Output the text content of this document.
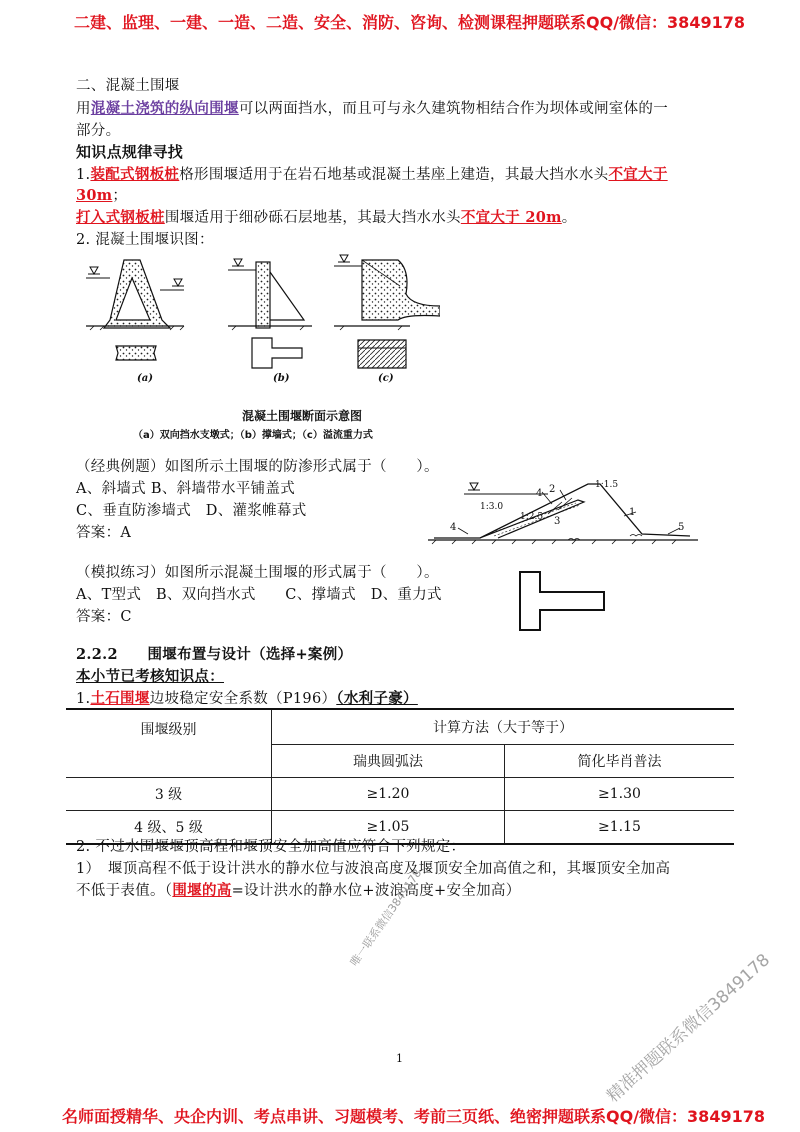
二建、监理、一建、一造、二造、安全、消防、咨询、检测课程押题联系QQ/微信：3849178
名师面授精华、央企内训、考点串讲、习题模考、考前三页纸、绝密押题联系QQ/微信：3849178
二、混凝土围堰
用混凝土浇筑的纵向围堰可以两面挡水，而且可与永久建筑物相结合作为坝体或闸室体的一
部分。
知识点规律寻找
1.装配式钢板桩格形围堰适用于在岩石地基或混凝土基座上建造，其最大挡水水头不宜大于
30m；
打入式钢板桩围堰适用于细砂砾石层地基，其最大挡水水头不宜大于 20m。
2. 混凝土围堰识图：
(a)	(b)	(c)
混凝土围堰断面示意图
（a）双向挡水支墩式；（b）撑墙式；（c）溢流重力式
（经典例题）如图所示土围堰的防渗形式属于（　　）。
A、斜墙式 B、斜墙带水平铺盖式
C、垂直防渗墙式　D、灌浆帷幕式
答案：A
1:3.0
1:2.5
1:1.5
1
2
3
4
4	5
（模拟练习）如图所示混凝土围堰的形式属于（　　）。
A、T型式　B、双向挡水式　　C、撑墙式　D、重力式
答案：C
2.2.2　　围堰布置与设计（选择+案例）
本小节已考核知识点：
1.土石围堰边坡稳定安全系数（P196）（水利子豪）
围堰级别	计算方法（大于等于）	
	瑞典圆弧法	简化毕肖普法
3 级	≥1.20	≥1.30
4 级、5 级	≥1.05	≥1.15
2. 不过水围堰堰顶高程和堰顶安全加高值应符合下列规定：
1）　堰顶高程不低于设计洪水的静水位与波浪高度及堰顶安全加高值之和，其堰顶安全加高
不低于表值。（围堰的高=设计洪水的静水位+波浪高度+安全加高）
唯一联系微信3849178
精准押题联系微信3849178
1
